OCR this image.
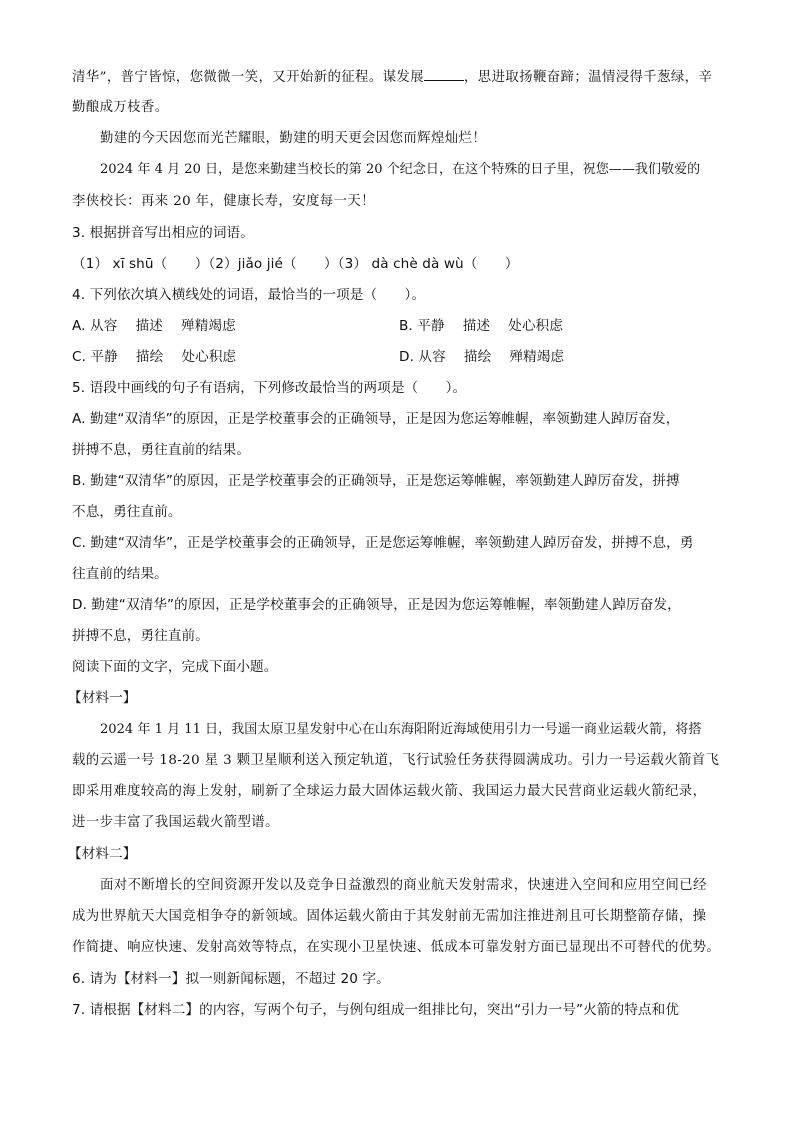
清华”，普宁皆惊，您微微一笑，又开始新的征程。谋发展	，思进取扬鞭奋蹄；温情浸得千葱绿，辛
勤酿成万枝香。
勤建的今天因您而光芒耀眼，勤建的明天更会因您而辉煌灿烂！
2024 年 4 月 20 日，是您来勤建当校长的第 20 个纪念日，在这个特殊的日子里，祝您——我们敬爱的
李侠校长：再来 20 年，健康长寿，安度每一天！
3. 根据拼音写出相应的词语。
（1） xī shū（　　）（2）jiǎo jié（　　）（3） dà chè dà wù（　　）
4. 下列依次填入横线处的词语，最恰当的一项是（　　）。
A. 从容　 描述　 殚精竭虑	B. 平静　 描述　 处心积虑
C. 平静　 描绘　 处心积虑	D. 从容　 描绘　 殚精竭虑
5. 语段中画线的句子有语病，下列修改最恰当的两项是（　　）。
A. 勤建“双清华”的原因，正是学校董事会的正确领导，正是因为您运筹帷幄，率领勤建人踔厉奋发，
拼搏不息，勇往直前的结果。
B. 勤建“双清华”的原因，正是学校董事会的正确领导，正是您运筹帷幄，率领勤建人踔厉奋发，拼搏
不息，勇往直前。
C. 勤建“双清华”，正是学校董事会的正确领导，正是您运筹帷幄，率领勤建人踔厉奋发，拼搏不息，勇
往直前的结果。
D. 勤建“双清华”的原因，正是学校董事会的正确领导，正是因为您运筹帷幄，率领勤建人踔厉奋发，
拼搏不息，勇往直前。
阅读下面的文字，完成下面小题。
【材料一】
2024 年 1 月 11 日，我国太原卫星发射中心在山东海阳附近海域使用引力一号遥一商业运载火箭，将搭
载的云遥一号 18-20 星 3 颗卫星顺利送入预定轨道，飞行试验任务获得圆满成功。引力一号运载火箭首飞
即采用难度较高的海上发射，刷新了全球运力最大固体运载火箭、我国运力最大民营商业运载火箭纪录，
进一步丰富了我国运载火箭型谱。
【材料二】
面对不断增长的空间资源开发以及竞争日益激烈的商业航天发射需求，快速进入空间和应用空间已经
成为世界航天大国竞相争夺的新领域。固体运载火箭由于其发射前无需加注推进剂且可长期整箭存储，操
作简捷、响应快速、发射高效等特点，在实现小卫星快速、低成本可靠发射方面已显现出不可替代的优势。
6. 请为【材料一】拟一则新闻标题，不超过 20 字。
7. 请根据【材料二】的内容，写两个句子，与例句组成一组排比句，突出“引力一号”火箭的特点和优
